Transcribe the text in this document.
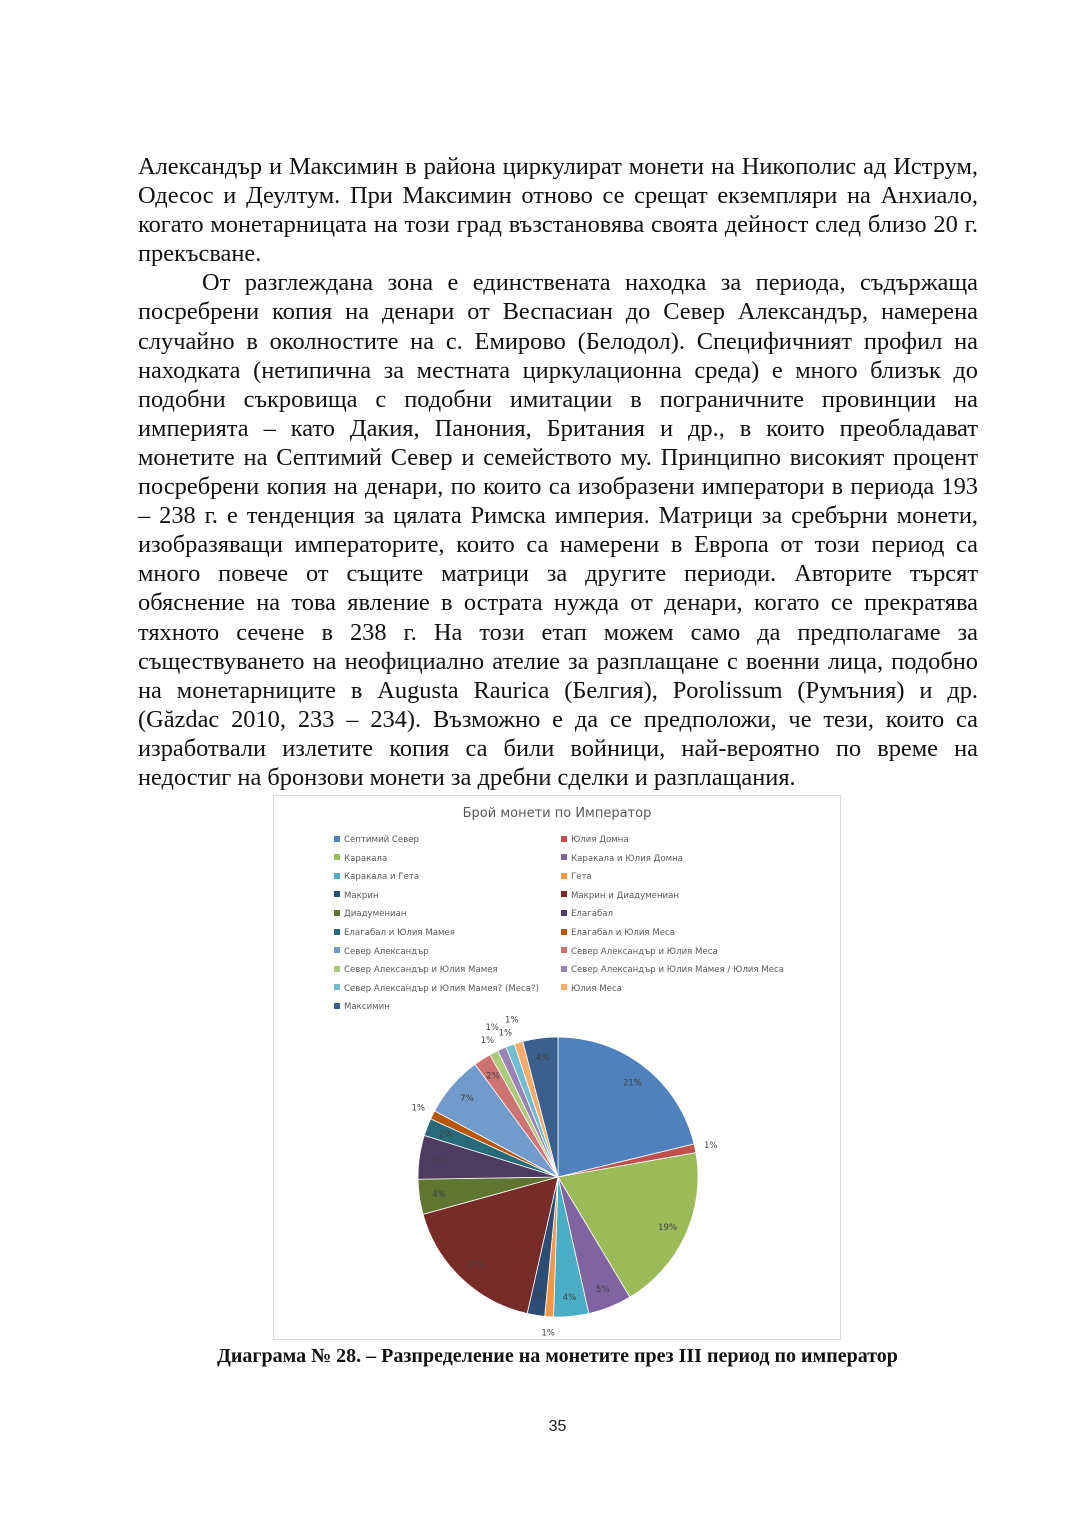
Александър и Максимин в района циркулират монети на Никополис ад Иструм, Одесос и Деултум. При Максимин отново се срещат екземпляри на Анхиало, когато монетарницата на този град възстановява своята дейност след близо 20 г. прекъсване.

От разглеждана зона е единствената находка за периода, съдържаща посребрени копия на денари от Веспасиан до Север Александър, намерена случайно в околностите на с. Емирово (Белодол). Специфичният профил на находката (нетипична за местната циркулационна среда) е много близък до подобни съкровища с подобни имитации в пограничните провинции на империята – като Дакия, Панония, Британия и др., в които преобладават монетите на Септимий Север и семейството му. Принципно високият процент посребрени копия на денари, по които са изобразени императори в периода 193 – 238 г. е тенденция за цялата Римска империя. Матрици за сребърни монети, изобразяващи императорите, които са намерени в Европа от този период са много повече от същите матрици за другите периоди. Авторите търсят обяснение на това явление в острата нужда от денари, когато се прекратява тяхното сечене в 238 г. На този етап можем само да предполагаме за съществуването на неофициално ателие за разплащане с военни лица, подобно на монетарниците в Augusta Raurica (Белгия), Porolissum (Румъния) и др. (Găzdac 2010, 233 – 234). Възможно е да се предположи, че тези, които са изработвали излетите копия са били войници, най-вероятно по време на недостиг на бронзови монети за дребни сделки и разплащания.

Брой монети по Император
Септимий Север	Юлия Домна
Каракала	Каракала и Юлия Домна
Каракала и Гета	Гета
Макрин	Макрин и Диадумениан
Диадумениан	Елагабал
Елагабал и Юлия Мамея	Елагабал и Юлия Меса
Север Александър	Север Александър и Юлия Меса
Север Александър и Юлия Мамея	Север Александър и Юлия Мамея / Юлия Меса
Север Александър и Юлия Мамея? (Меса?)	Юлия Меса
Максимин
21%
1%
19%
5%
4%
1%
2%
17%
4%
5%
2%
1%
7%
2%
1%
1%
1%
1%
4%
Диаграма № 28. – Разпределение на монетите през III период по император
35
